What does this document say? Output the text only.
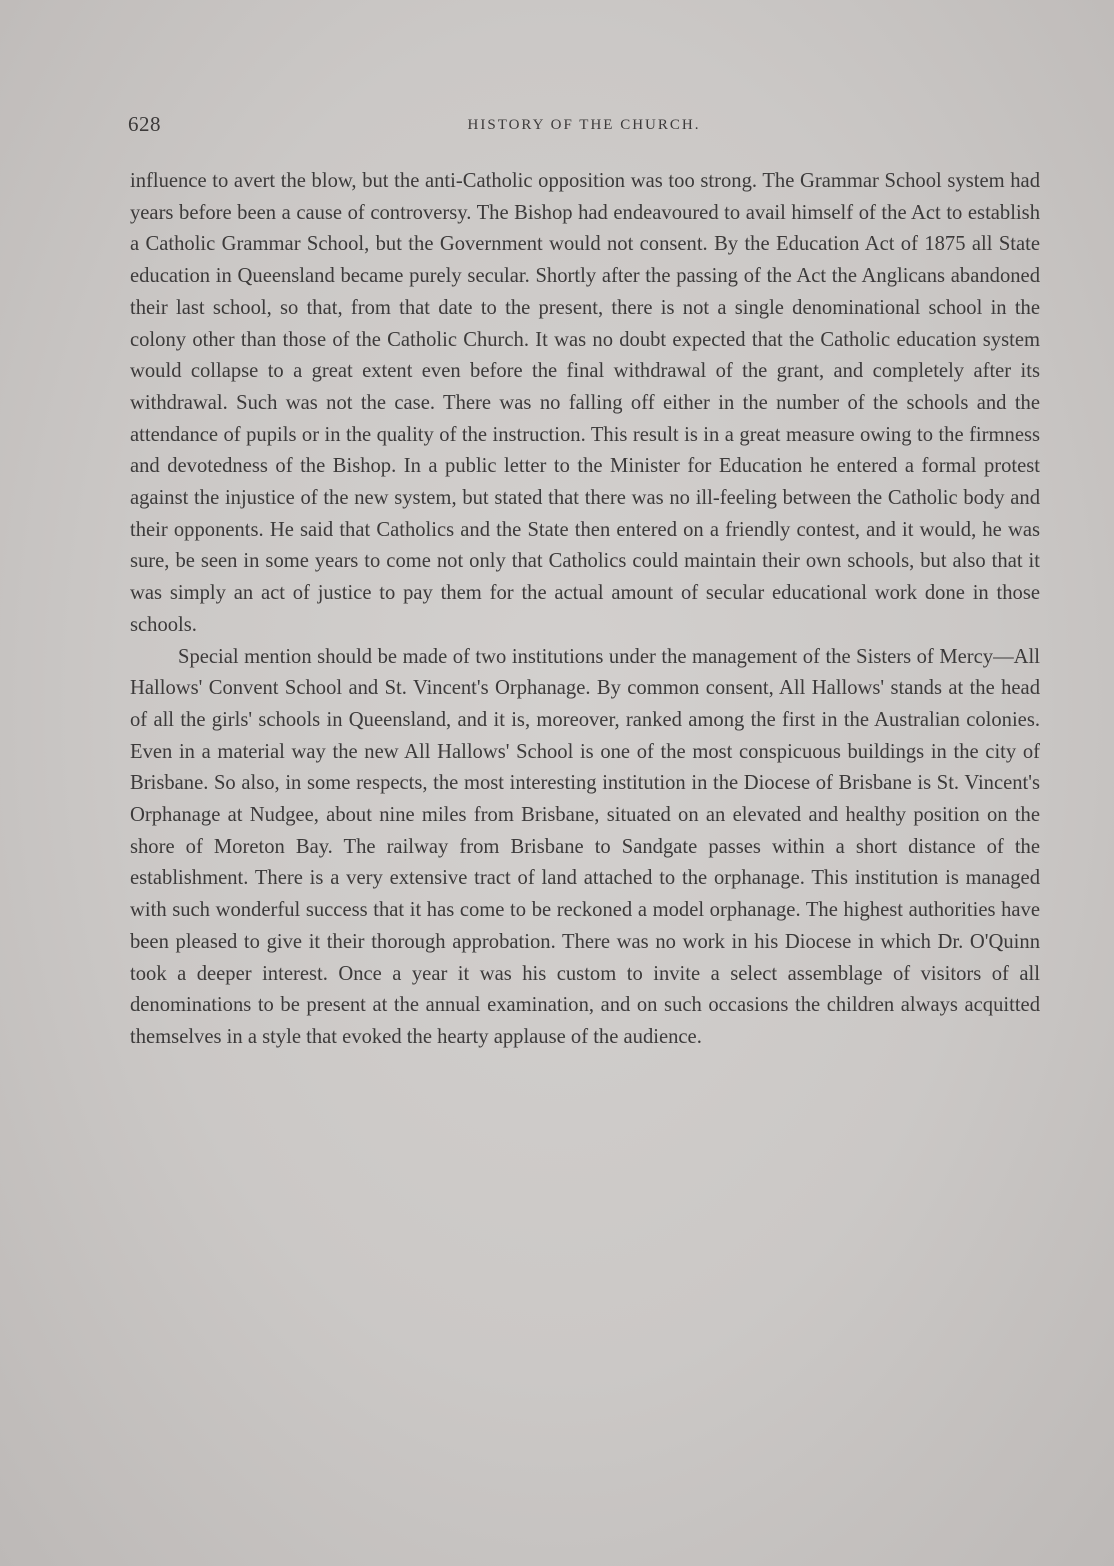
628	HISTORY OF THE CHURCH.

influence to avert the blow, but the anti-Catholic opposition was too strong. The Grammar School system had years before been a cause of controversy. The Bishop had endeavoured to avail himself of the Act to establish a Catholic Grammar School, but the Government would not consent. By the Education Act of 1875 all State education in Queensland became purely secular. Shortly after the passing of the Act the Anglicans abandoned their last school, so that, from that date to the present, there is not a single denominational school in the colony other than those of the Catholic Church. It was no doubt expected that the Catholic education system would collapse to a great extent even before the final withdrawal of the grant, and completely after its withdrawal. Such was not the case. There was no falling off either in the number of the schools and the attendance of pupils or in the quality of the instruction. This result is in a great measure owing to the firmness and devotedness of the Bishop. In a public letter to the Minister for Education he entered a formal protest against the injustice of the new system, but stated that there was no ill-feeling between the Catholic body and their opponents. He said that Catholics and the State then entered on a friendly contest, and it would, he was sure, be seen in some years to come not only that Catholics could maintain their own schools, but also that it was simply an act of justice to pay them for the actual amount of secular educational work done in those schools.

Special mention should be made of two institutions under the management of the Sisters of Mercy—All Hallows' Convent School and St. Vincent's Orphanage. By common consent, All Hallows' stands at the head of all the girls' schools in Queensland, and it is, moreover, ranked among the first in the Australian colonies. Even in a material way the new All Hallows' School is one of the most conspicuous buildings in the city of Brisbane. So also, in some respects, the most interesting institution in the Diocese of Brisbane is St. Vincent's Orphanage at Nudgee, about nine miles from Brisbane, situated on an elevated and healthy position on the shore of Moreton Bay. The railway from Brisbane to Sandgate passes within a short distance of the establishment. There is a very extensive tract of land attached to the orphanage. This institution is managed with such wonderful success that it has come to be reckoned a model orphanage. The highest authorities have been pleased to give it their thorough approbation. There was no work in his Diocese in which Dr. O'Quinn took a deeper interest. Once a year it was his custom to invite a select assemblage of visitors of all denominations to be present at the annual examination, and on such occasions the children always acquitted themselves in a style that evoked the hearty applause of the audience.
